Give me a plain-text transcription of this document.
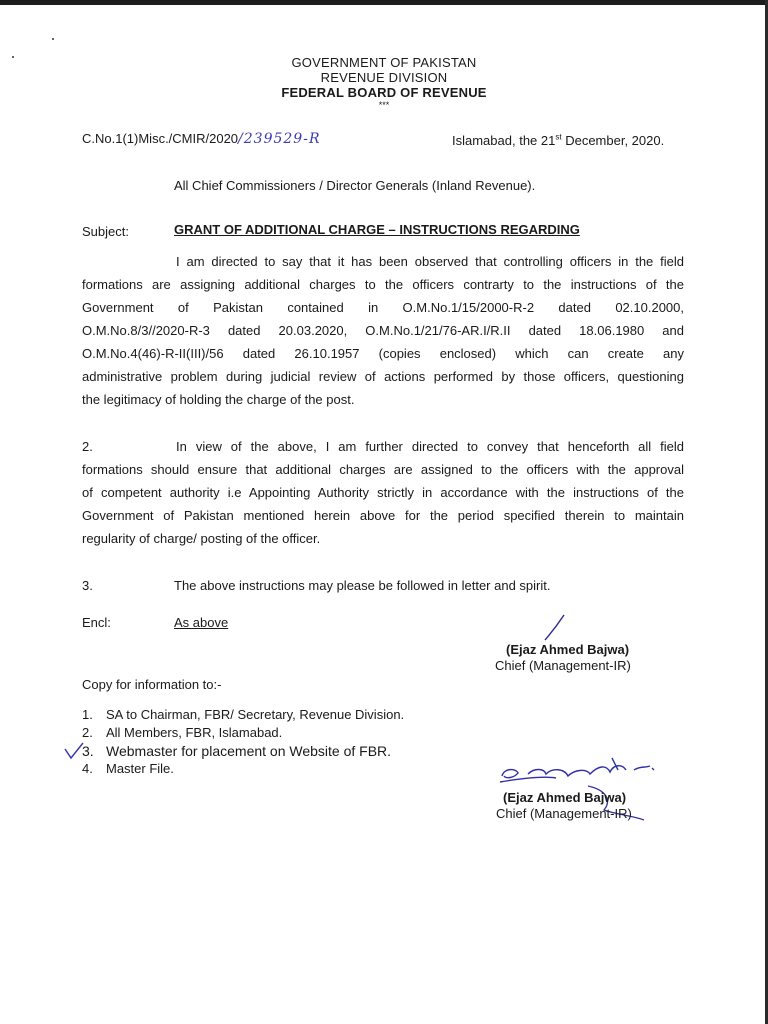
GOVERNMENT OF PAKISTAN
REVENUE DIVISION
FEDERAL BOARD OF REVENUE
***
C.No.1(1)Misc./CMIR/2020/239529-R	Islamabad, the 21st December, 2020.
All Chief Commissioners / Director Generals (Inland Revenue).
Subject:	GRANT OF ADDITIONAL CHARGE – INSTRUCTIONS REGARDING
I am directed to say that it has been observed that controlling officers in the field
formations are assigning additional charges to the officers contrarty to the instructions of the
Government of Pakistan contained in O.M.No.1/15/2000-R-2 dated 02.10.2000,
O.M.No.8/3//2020-R-3 dated 20.03.2020, O.M.No.1/21/76-AR.I/R.II dated 18.06.1980 and
O.M.No.4(46)-R-II(III)/56 dated 26.10.1957 (copies enclosed) which can create any
administrative problem during judicial review of actions performed by those officers, questioning
the legitimacy of holding the charge of the post.
2.	In view of the above, I am further directed to convey that henceforth all field
formations should ensure that additional charges are assigned to the officers with the approval
of competent authority i.e Appointing Authority strictly in accordance with the instructions of the
Government of Pakistan mentioned herein above for the period specified therein to maintain
regularity of charge/ posting of the officer.
3.	The above instructions may please be followed in letter and spirit.
Encl:	As above
(Ejaz Ahmed Bajwa)
Chief (Management-IR)
Copy for information to:-
1. SA to Chairman, FBR/ Secretary, Revenue Division.
2. All Members, FBR, Islamabad.
3. Webmaster for placement on Website of FBR.
4. Master File.
(Ejaz Ahmed Bajwa)
Chief (Management-IR)
